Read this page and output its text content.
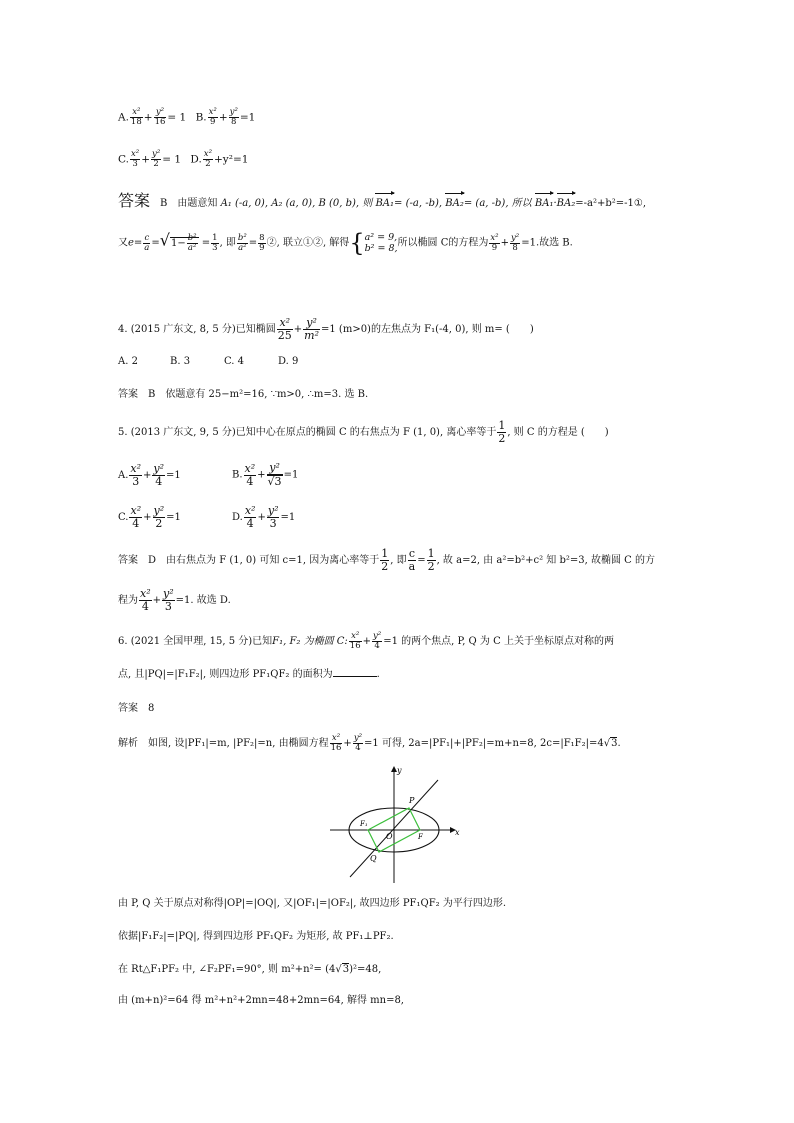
A. $\frac{\text{x²}}{18} + \frac{\text{y²}}{16} = 1$ B. $\frac{\text{x²}}{9} + \frac{\text{y²}}{8} =1$
C. $\frac{\text{x²}}{3} + \frac{\text{y²}}{2} = 1$ D. $\frac{\text{x²}}{2} +y^2=1$
答案 B　由题意知 A₁ (-a, 0), A₂ (a, 0), B (0, b), 则 BA₁= (-a, -b), BA₂= (a, -b), 所以 BA₁·BA₂=-a²+b²=-1①,
又$e= \frac{c}{a} =√1- \frac{\text{b²}}{\text{a²}} = \frac{1}{3}$ , 即 $\frac{\text{b²}}{\text{a²}} = \frac{8}{9}$ ②, 联立①②, 解得{ a² = 9,
b² = 8, 所以椭圆 C的方程为 $\frac{\text{x²}}{9} + \frac{\text{y²}}{8} =1$.故选 B.
4. (2015 广东文, 8, 5 分)已知椭圆 $\frac{\text{x²}}{25} + \frac{\text{y²}}{\text{m²}} =1$ (m>0)的左焦点为 F₁(-4, 0), 则 m= (　　)
A. 2	B. 3	C. 4	D. 9
答案　B　依题意有 25−m²=16, ∵m>0, ∴m=3. 选 B.
5. (2013 广东文, 9, 5 分)已知中心在原点的椭圆 C 的右焦点为 F (1, 0), 离心率等于 $\frac{1}{2}$ , 则 C 的方程是 (　　)
A. $\frac{\text{x²}}{3} + \frac{\text{y²}}{4} =1$	B. $\frac{\text{x²}}{4} + \frac{\text{y²}}{√3} =1$
C. $\frac{\text{x²}}{4} + \frac{\text{y²}}{2} =1$	D. $\frac{\text{x²}}{4} + \frac{\text{y²}}{3} =1$
答案　D　由右焦点为 F (1, 0) 可知 c=1, 因为离心率等于 $\frac{1}{2}$ , 即 $\frac{c}{a} = \frac{1}{2}$ , 故 a=2, 由 a²=b²+c² 知 b²=3, 故椭圆 C 的方
程为 $\frac{\text{x²}}{4} + \frac{\text{y²}}{3} =1$. 故选 D.
6. (2021 全国甲理, 15, 5 分)已知F₁, F₂ 为椭圆 C: $\frac{\text{x²}}{16} + \frac{\text{y²}}{4} =1$ 的两个焦点, P, Q 为 C 上关于坐标原点对称的两
点, 且|PQ|=|F₁F₂|, 则四边形 PF₁QF₂ 的面积为	.
答案　8
解析　如图, 设|PF₁|=m, |PF₂|=n, 由椭圆方程 $\frac{\text{x²}}{16} + \frac{\text{y²}}{4} =1$ 可得, 2a=|PF₁|+|PF₂|=m+n=8, 2c=|F₁F₂|=4√3.
x
y
P
Q
O
F₁
F
由 P, Q 关于原点对称得|OP|=|OQ|, 又|OF₁|=|OF₂|, 故四边形 PF₁QF₂ 为平行四边形.
依据|F₁F₂|=|PQ|, 得到四边形 PF₁QF₂ 为矩形, 故 PF₁⊥PF₂.
在 Rt△F₁PF₂ 中, ∠F₂PF₁=90°, 则 m²+n²= (4√3)²=48,
由 (m+n)²=64 得 m²+n²+2mn=48+2mn=64, 解得 mn=8,
